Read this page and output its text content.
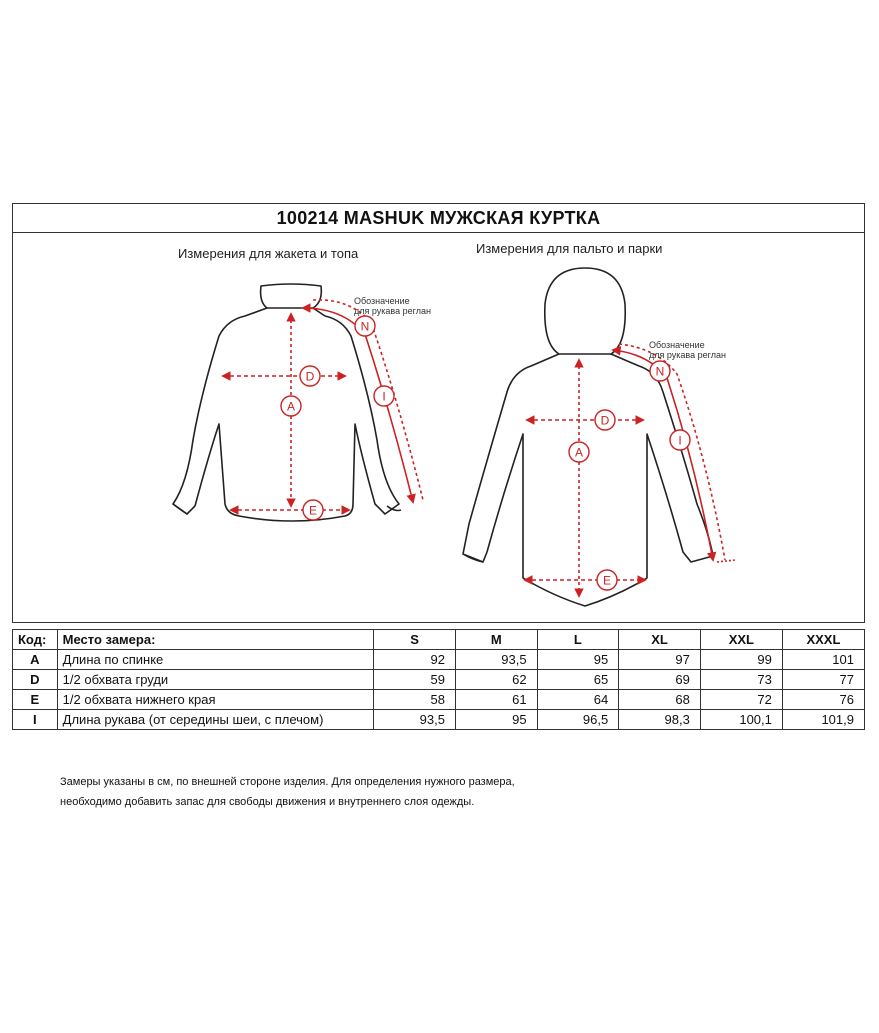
100214 MASHUK МУЖСКАЯ КУРТКА
Измерения для жакета и топа	Измерения для пальто и парки
A
D
E
I
N
A
D
E
I
N
Обозначение
для рукава реглан
Обозначение
для рукава реглан
Код:	Место замера:	S	M	L	XL	XXL	XXXL
A	Длина по спинке	92	93,5	95	97	99	101
D	1/2 обхвата груди	59	62	65	69	73	77
E	1/2 обхвата нижнего края	58	61	64	68	72	76
I	Длина рукава (от середины шеи, с плечом)	93,5	95	96,5	98,3	100,1	101,9
Замеры указаны в см, по внешней стороне изделия. Для определения нужного размера,
необходимо добавить запас для свободы движения и внутреннего слоя одежды.
